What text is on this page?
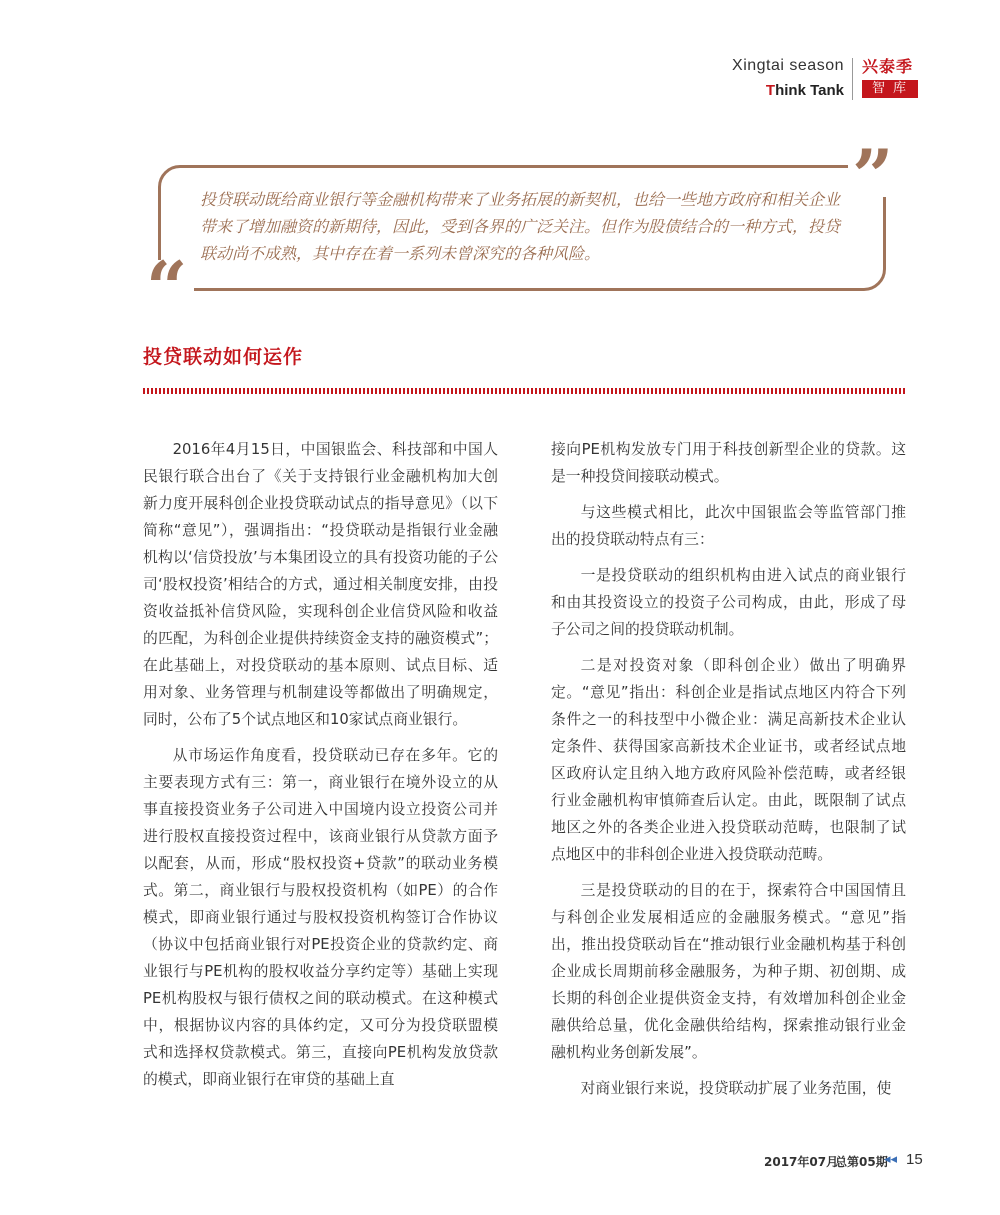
Xingtai season
Think Tank
兴泰季
智库
”
“
投贷联动既给商业银行等金融机构带来了业务拓展的新契机，也给一些地方政府和相关企业带来了增加融资的新期待，因此，受到各界的广泛关注。但作为股债结合的一种方式，投贷联动尚不成熟，其中存在着一系列未曾深究的各种风险。
投贷联动如何运作

2016年4月15日，中国银监会、科技部和中国人民银行联合出台了《关于支持银行业金融机构加大创新力度开展科创企业投贷联动试点的指导意见》（以下简称“意见”），强调指出：“投贷联动是指银行业金融机构以‘信贷投放’与本集团设立的具有投资功能的子公司‘股权投资’相结合的方式，通过相关制度安排，由投资收益抵补信贷风险，实现科创企业信贷风险和收益的匹配，为科创企业提供持续资金支持的融资模式”；在此基础上，对投贷联动的基本原则、试点目标、适用对象、业务管理与机制建设等都做出了明确规定，同时，公布了5个试点地区和10家试点商业银行。

从市场运作角度看，投贷联动已存在多年。它的主要表现方式有三：第一，商业银行在境外设立的从事直接投资业务子公司进入中国境内设立投资公司并进行股权直接投资过程中，该商业银行从贷款方面予以配套，从而，形成“股权投资+贷款”的联动业务模式。第二，商业银行与股权投资机构（如PE）的合作模式，即商业银行通过与股权投资机构签订合作协议（协议中包括商业银行对PE投资企业的贷款约定、商业银行与PE机构的股权收益分享约定等）基础上实现PE机构股权与银行债权之间的联动模式。在这种模式中，根据协议内容的具体约定，又可分为投贷联盟模式和选择权贷款模式。第三，直接向PE机构发放贷款的模式，即商业银行在审贷的基础上直

接向PE机构发放专门用于科技创新型企业的贷款。这是一种投贷间接联动模式。

与这些模式相比，此次中国银监会等监管部门推出的投贷联动特点有三：

一是投贷联动的组织机构由进入试点的商业银行和由其投资设立的投资子公司构成，由此，形成了母子公司之间的投贷联动机制。

二是对投资对象（即科创企业）做出了明确界定。“意见”指出：科创企业是指试点地区内符合下列条件之一的科技型中小微企业：满足高新技术企业认定条件、获得国家高新技术企业证书，或者经试点地区政府认定且纳入地方政府风险补偿范畴，或者经银行业金融机构审慎筛查后认定。由此，既限制了试点地区之外的各类企业进入投贷联动范畴，也限制了试点地区中的非科创企业进入投贷联动范畴。

三是投贷联动的目的在于，探索符合中国国情且与科创企业发展相适应的金融服务模式。“意见”指出，推出投贷联动旨在“推动银行业金融机构基于科创企业成长周期前移金融服务，为种子期、初创期、成长期的科创企业提供资金支持，有效增加科创企业金融供给总量，优化金融供给结构，探索推动银行业金融机构业务创新发展”。

对商业银行来说，投贷联动扩展了业务范围，使

2017年07月
总第05期
◂◂ 15
